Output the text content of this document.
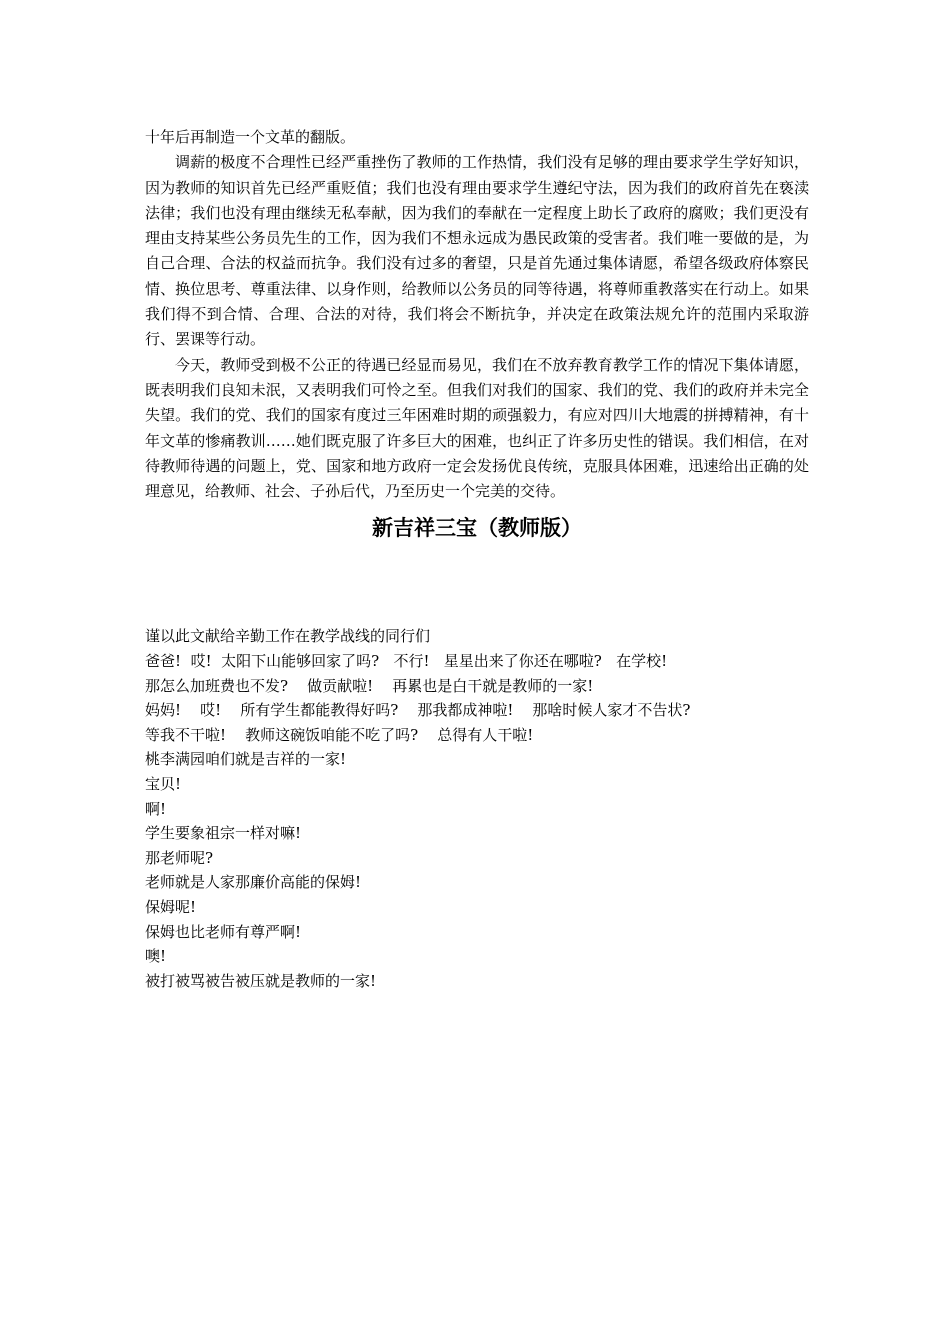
十年后再制造一个文革的翻版。

调薪的极度不合理性已经严重挫伤了教师的工作热情，我们没有足够的理由要求学生学好知识，因为教师的知识首先已经严重贬值；我们也没有理由要求学生遵纪守法，因为我们的政府首先在亵渎法律；我们也没有理由继续无私奉献，因为我们的奉献在一定程度上助长了政府的腐败；我们更没有理由支持某些公务员先生的工作，因为我们不想永远成为愚民政策的受害者。我们唯一要做的是，为自己合理、合法的权益而抗争。我们没有过多的奢望，只是首先通过集体请愿，希望各级政府体察民情、换位思考、尊重法律、以身作则，给教师以公务员的同等待遇，将尊师重教落实在行动上。如果我们得不到合情、合理、合法的对待，我们将会不断抗争，并决定在政策法规允许的范围内采取游行、罢课等行动。

今天，教师受到极不公正的待遇已经显而易见，我们在不放弃教育教学工作的情况下集体请愿，既表明我们良知未泯，又表明我们可怜之至。但我们对我们的国家、我们的党、我们的政府并未完全失望。我们的党、我们的国家有度过三年困难时期的顽强毅力，有应对四川大地震的拼搏精神，有十年文革的惨痛教训……她们既克服了许多巨大的困难，也纠正了许多历史性的错误。我们相信，在对待教师待遇的问题上，党、国家和地方政府一定会发扬优良传统，克服具体困难，迅速给出正确的处理意见，给教师、社会、子孙后代，乃至历史一个完美的交待。

新吉祥三宝（教师版）

谨以此文献给辛勤工作在教学战线的同行们

爸爸!  哎!  太阳下山能够回家了吗?   不行!   星星出来了你还在哪啦?   在学校!

那怎么加班费也不发?    做贡献啦!    再累也是白干就是教师的一家!

妈妈!    哎!    所有学生都能教得好吗?    那我都成神啦!    那啥时候人家才不告状?

等我不干啦!    教师这碗饭咱能不吃了吗?    总得有人干啦!

桃李满园咱们就是吉祥的一家!

宝贝!

啊!

学生要象祖宗一样对嘛!

那老师呢?

老师就是人家那廉价高能的保姆!

保姆呢!

保姆也比老师有尊严啊!

噢!

被打被骂被告被压就是教师的一家!
